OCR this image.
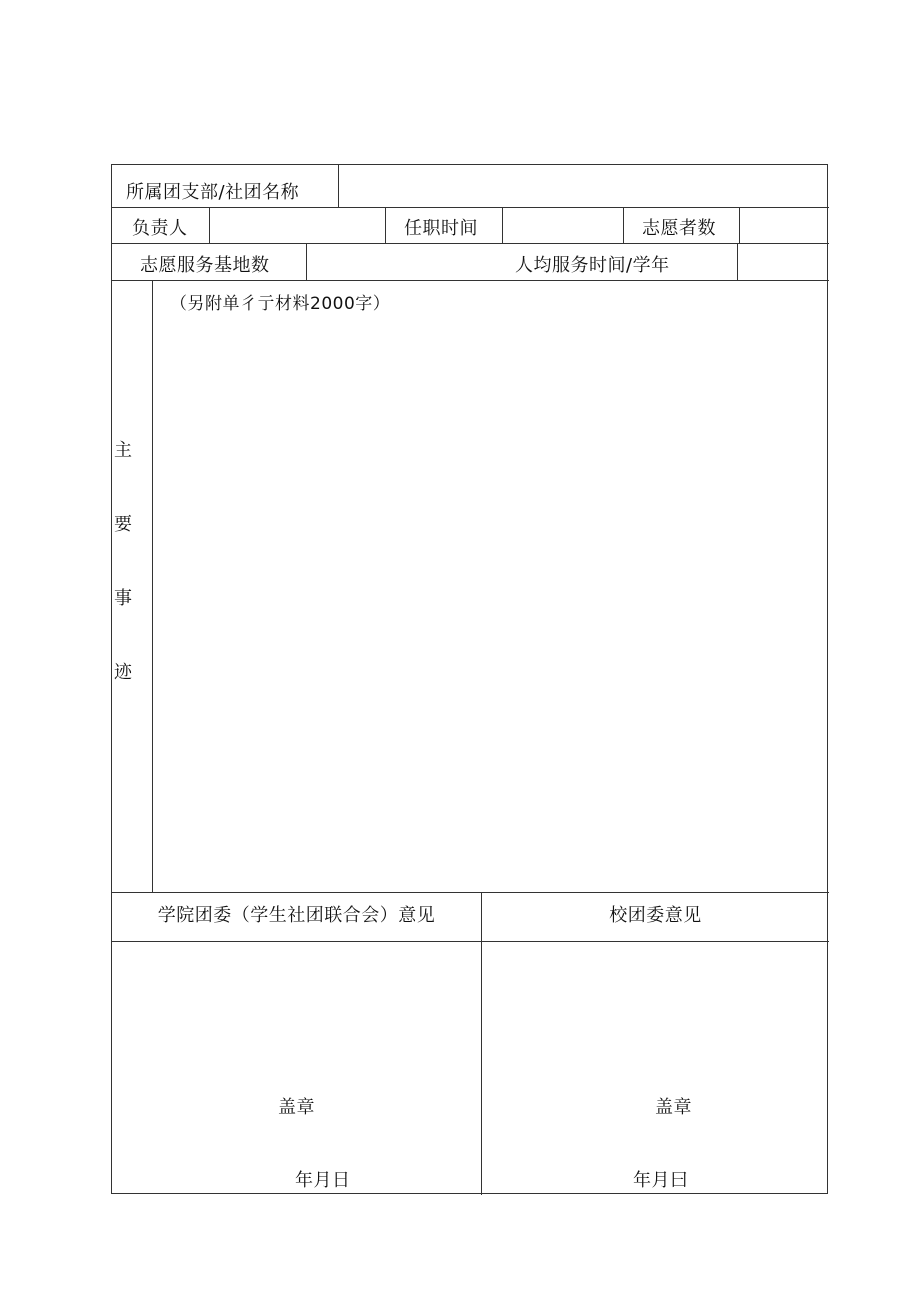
所属团支部/社团名称
负责人	任职时间	志愿者数
志愿服务基地数	人均服务时间/学年
主
要
事
迹
（另附单彳亍材料2000字）
学院团委（学生社团联合会）意见	校团委意见
盖章	盖章
年月日	年月曰
